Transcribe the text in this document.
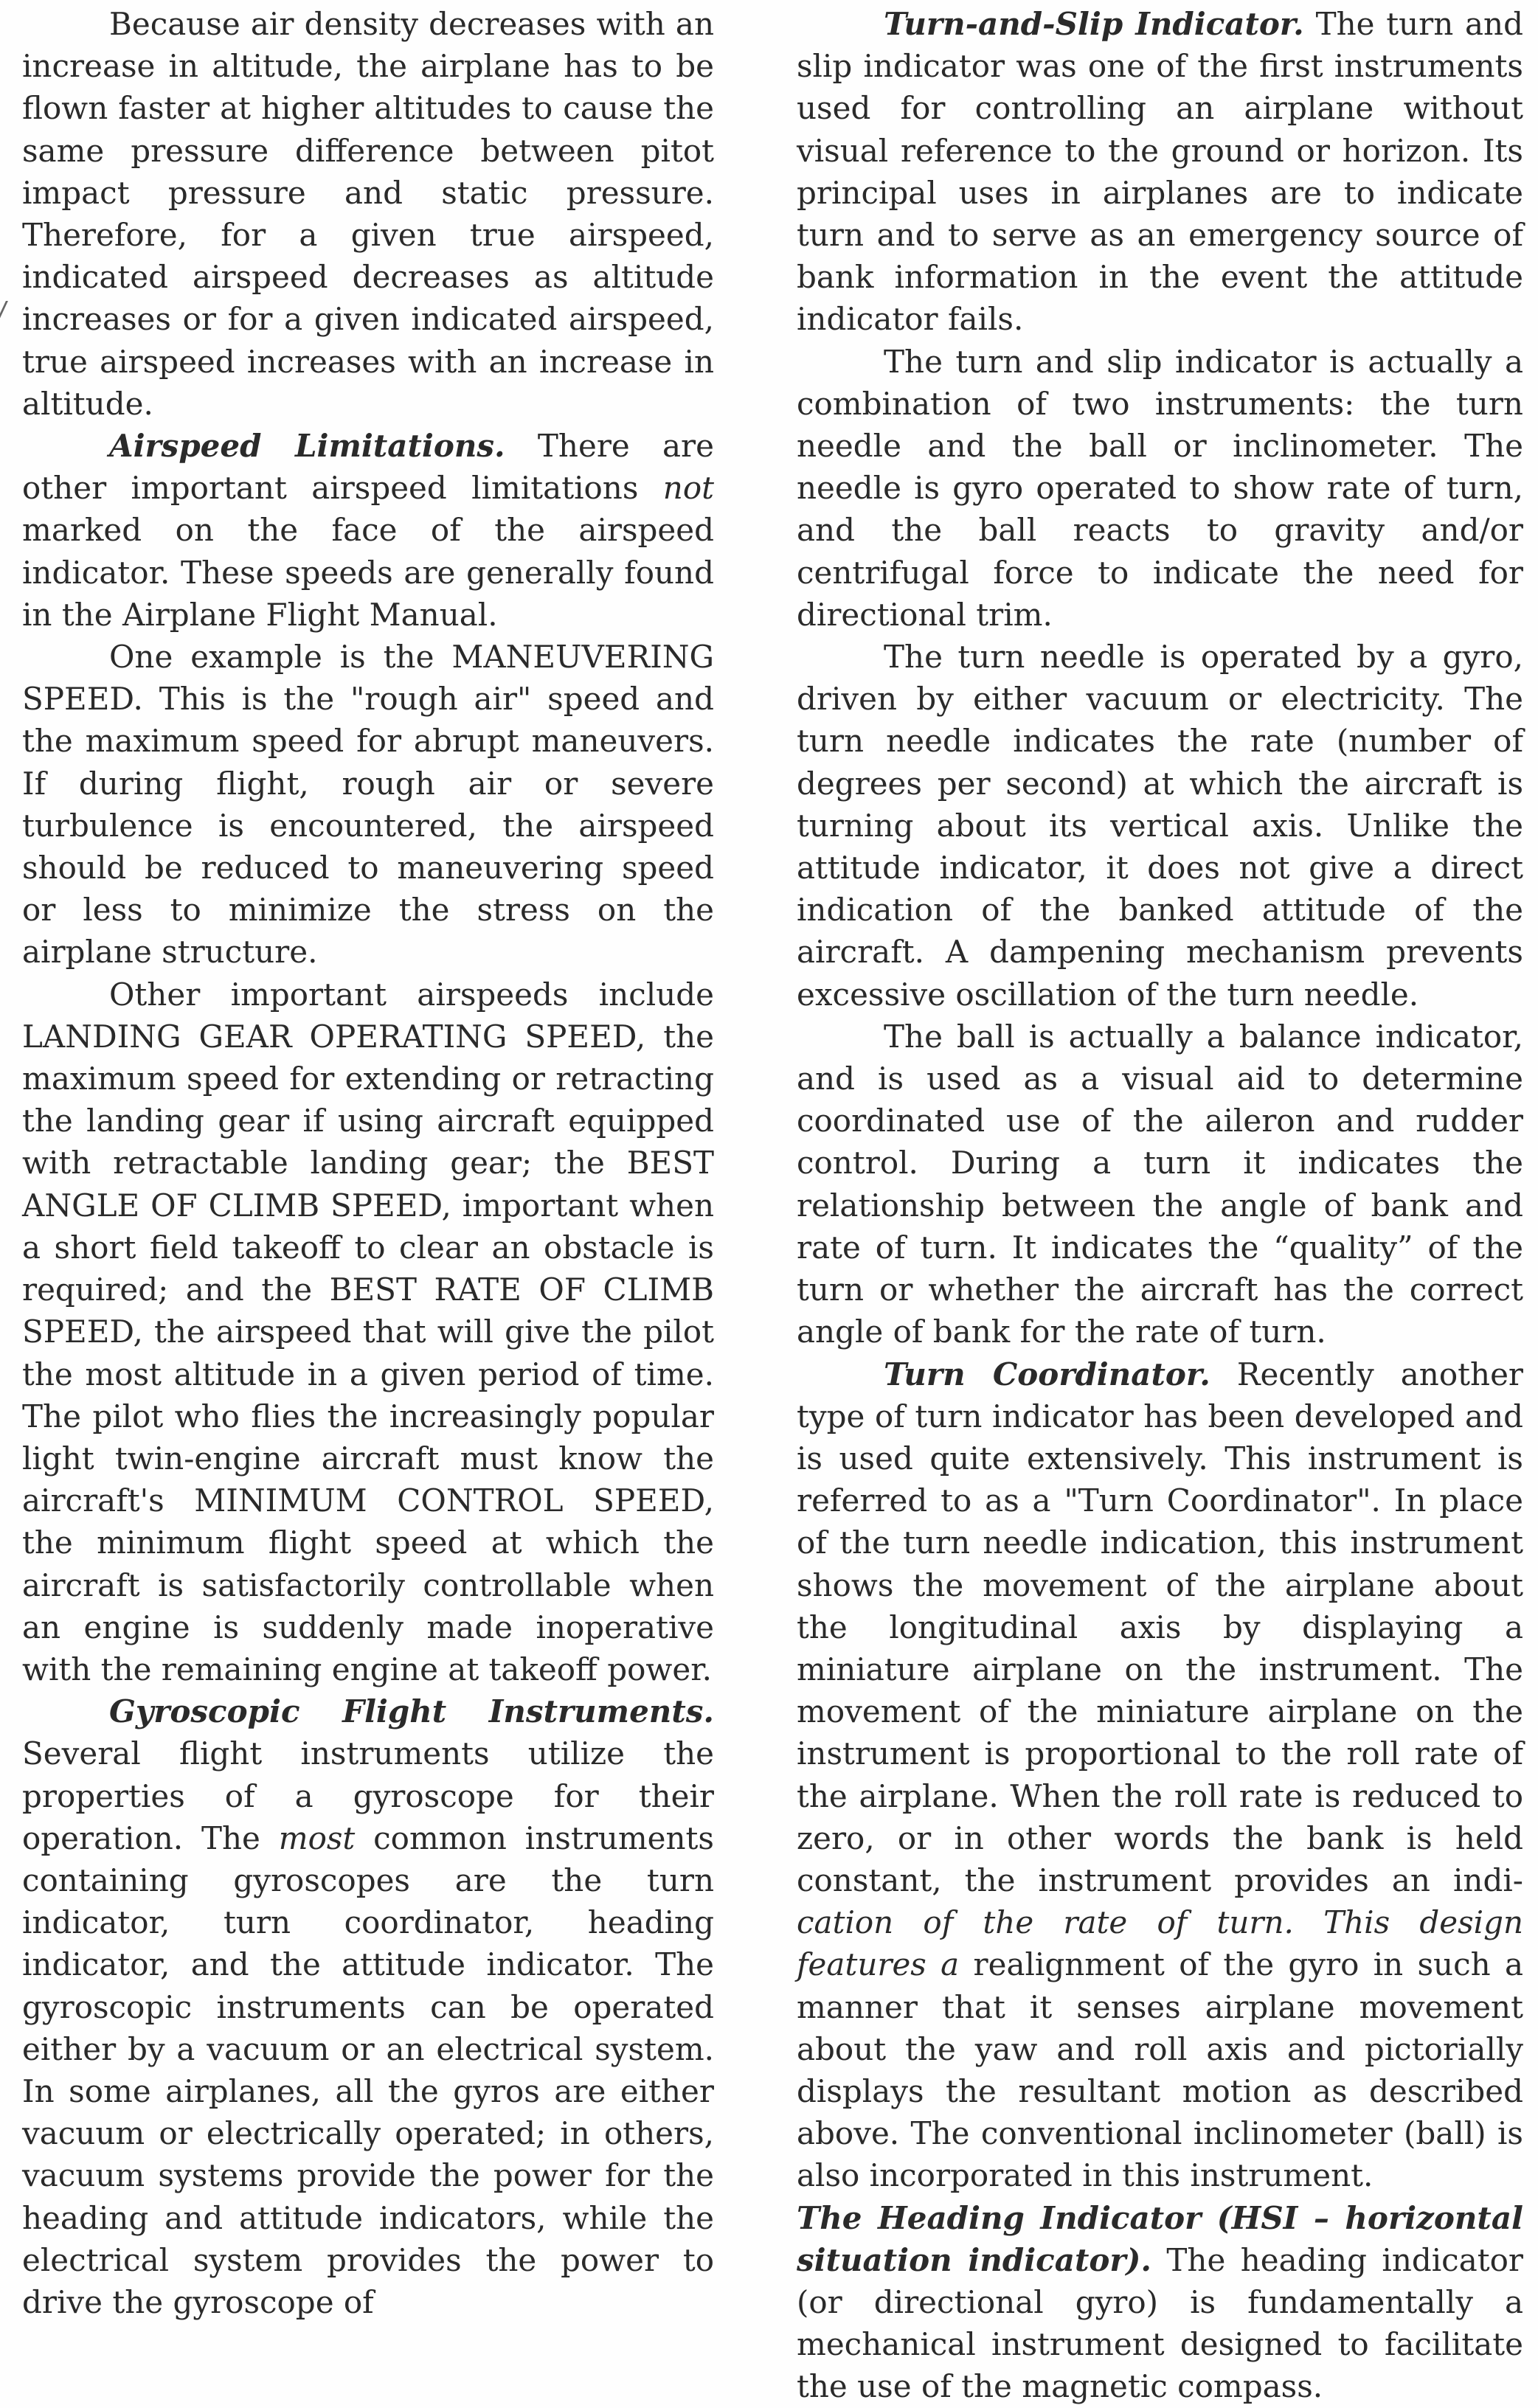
Because air density decreases with an increase in altitude, the airplane has to be flown faster at higher altitudes to cause the same pressure difference between pitot impact pressure and static pressure. Therefore, for a given true airspeed, indicated airspeed decreases as altitude increases or for a given indicated airspeed, true airspeed increases with an increase in altitude.

Airspeed Limitations. There are other important airspeed limitations not marked on the face of the airspeed indicator. These speeds are generally found in the Airplane Flight Manual.

One example is the MANEUVERING SPEED. This is the "rough air" speed and the maximum speed for abrupt maneuvers. If during flight, rough air or severe turbulence is encountered, the airspeed should be reduced to maneuvering speed or less to minimize the stress on the airplane structure.

Other important airspeeds include LANDING GEAR OPERATING SPEED, the maximum speed for extending or retracting the landing gear if using aircraft equipped with retractable landing gear; the BEST ANGLE OF CLIMB SPEED, important when a short field takeoff to clear an obstacle is required; and the BEST RATE OF CLIMB SPEED, the airspeed that will give the pilot the most altitude in a given period of time. The pilot who flies the increasingly popular light twin-engine aircraft must know the aircraft's MINIMUM CONTROL SPEED, the minimum flight speed at which the aircraft is satisfactorily controllable when an engine is suddenly made inoperative with the remaining engine at takeoff power.

Gyroscopic Flight Instruments. Several flight instruments utilize the properties of a gyroscope for their operation. The most common instruments containing gyroscopes are the turn indicator, turn coordinator, heading indicator, and the attitude indicator. The gyroscopic instruments can be operated either by a vacuum or an electrical system. In some airplanes, all the gyros are either vacuum or electrically operated; in others, vacuum systems provide the power for the heading and attitude indicators, while the electrical system provides the power to drive the gyroscope of

Turn-and-Slip Indicator. The turn and slip indicator was one of the first instruments used for controlling an airplane without visual reference to the ground or horizon. Its principal uses in airplanes are to indicate turn and to serve as an emergency source of bank information in the event the attitude indicator fails.

The turn and slip indicator is actually a combination of two instruments: the turn needle and the ball or inclinometer. The needle is gyro operated to show rate of turn, and the ball reacts to gravity and/or centrifugal force to indicate the need for directional trim.

The turn needle is operated by a gyro, driven by either vacuum or electricity. The turn needle indicates the rate (number of degrees per second) at which the aircraft is turning about its vertical axis. Unlike the attitude indicator, it does not give a direct indication of the banked attitude of the aircraft. A dampening mechanism prevents excessive oscillation of the turn needle.

The ball is actually a balance indicator, and is used as a visual aid to determine coordinated use of the aileron and rudder control. During a turn it indicates the relationship between the angle of bank and rate of turn. It indicates the “quality” of the turn or whether the aircraft has the correct angle of bank for the rate of turn.

Turn Coordinator. Recently another type of turn indicator has been developed and is used quite extensively. This instrument is referred to as a "Turn Coordinator". In place of the turn needle indication, this instrument shows the movement of the airplane about the longitudinal axis by displaying a miniature airplane on the instrument. The movement of the miniature airplane on the instrument is proportional to the roll rate of the airplane. When the roll rate is reduced to zero, or in other words the bank is held constant, the instrument provides an indi- cation of the rate of turn. This design features a realignment of the gyro in such a manner that it senses airplane movement about the yaw and roll axis and pictorially displays the resultant motion as described above. The conventional inclinometer (ball) is also incorporated in this instrument.

The Heading Indicator (HSI – horizontal situation indicator). The heading indicator (or directional gyro) is fundamentally a mechanical instrument designed to facilitate the use of the magnetic compass.
